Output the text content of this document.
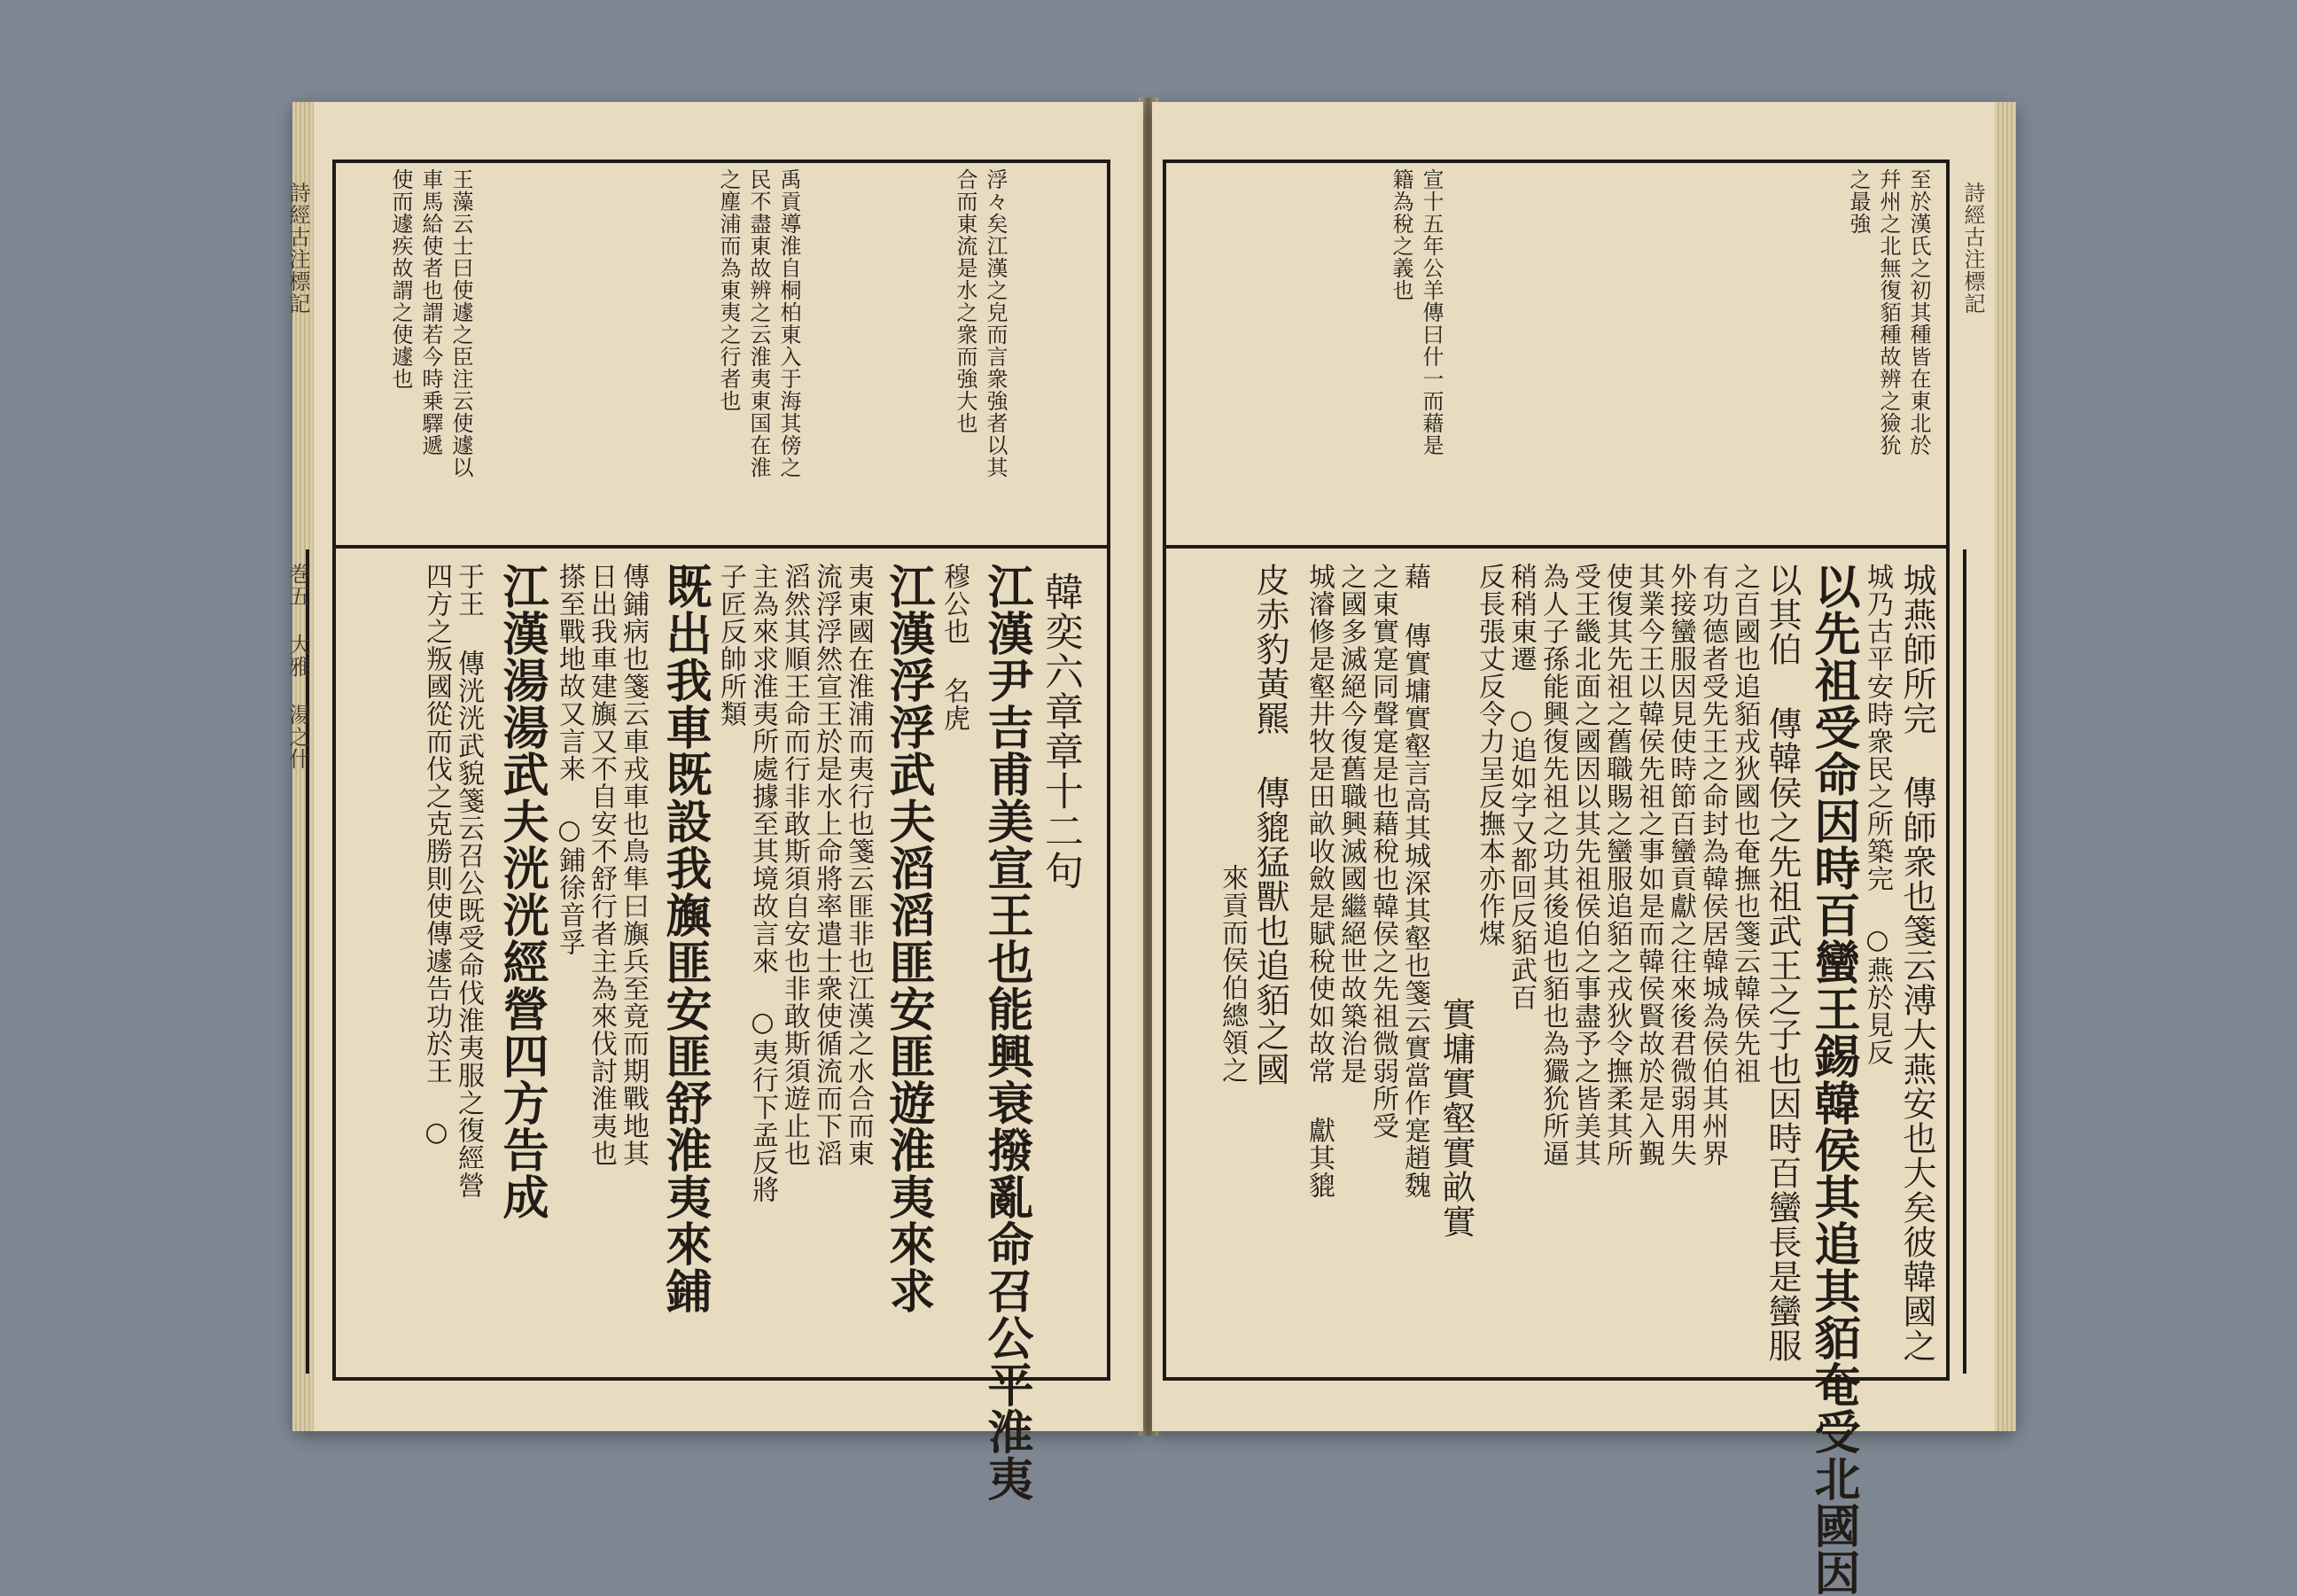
詩經古注標記
巻五
大雅 湯之什
浮々矣江漢之皃而言衆強者以其
合而東流是水之衆而強大也
禹貢導淮自桐柏東入于海其傍之
民不盡東故辨之云淮夷東国在淮
之塵浦而為東夷之行者也
王藻云士曰使遽之臣注云使遽以
車馬給使者也謂若今時乗驛遞
使而遽疾故謂之使遽也
韓奕六章章十二句
江漢尹吉甫美宣王也能興衰撥亂命召公平淮夷
穆公也 名虎
江漢浮浮武夫滔滔匪安匪遊淮夷來求
夷東國在淮浦而夷行也箋云匪非也江漢之水合而東
流浮浮然宣王於是水上命將率遣士衆使循流而下滔
滔然其順王命而行非敢斯須自安也非敢斯須遊止也
主為來求淮夷所處據至其境故言來 ○夷行下孟反將
子匠反帥所類
既出我車既設我旟匪安匪舒淮夷來鋪
傳鋪病也箋云車戎車也鳥隼曰旟兵至竟而期戰地其
日出我車建旟又不自安不舒行者主為來伐討淮夷也
搽至戰地故又言来 ○鋪徐音孚
江漢湯湯武夫洸洸經營四方告成
于王 傳洸洸武貌箋云召公既受命伐淮夷服之復經營
四方之叛國從而伐之克勝則使傳遽告功於王 ○
詩經古注標記
至於漢氏之初其種皆在東北於
幷州之北無復貊種故辨之獫狁
之最強
宣十五年公羊傳曰什一而藉是
籍為稅之義也
城燕師所完 傳師衆也箋云溥大燕安也大矣彼韓國之
城乃古平安時衆民之所築完 ○燕於見反
以先祖受命因時百蠻王錫韓侯其追其貊奄受北國因
以其伯 傳韓侯之先祖武王之子也因時百蠻長是蠻服
之百國也追貊戎狄國也奄撫也箋云韓侯先祖
有功德者受先王之命封為韓侯居韓城為侯伯其州界
外接蠻服因見使時節百蠻貢獻之往來後君微弱用失
其業今王以韓侯先祖之事如是而韓侯賢故於是入覲
使復其先祖之舊職賜之蠻服追貊之戎狄令撫柔其所
受王畿北面之國因以其先祖侯伯之事盡予之皆美其
為人子孫能興復先祖之功其後追也貊也為玁狁所逼
稍稍東遷 ○追如字又都回反貊武百
反長張丈反令力呈反撫本亦作煤
實墉實壑實畝實
藉 傳實墉實壑言高其城深其壑也箋云實當作寔趙魏
之東實寔同聲寔是也藉稅也韓侯之先祖微弱所受
之國多滅絕今復舊職興滅國繼絕世故築治是
城濬修是壑井牧是田畝收斂是賦稅使如故常 獻其貔
皮赤豹黃羆 傳貔猛獸也追貊之國
來貢而侯伯總領之
